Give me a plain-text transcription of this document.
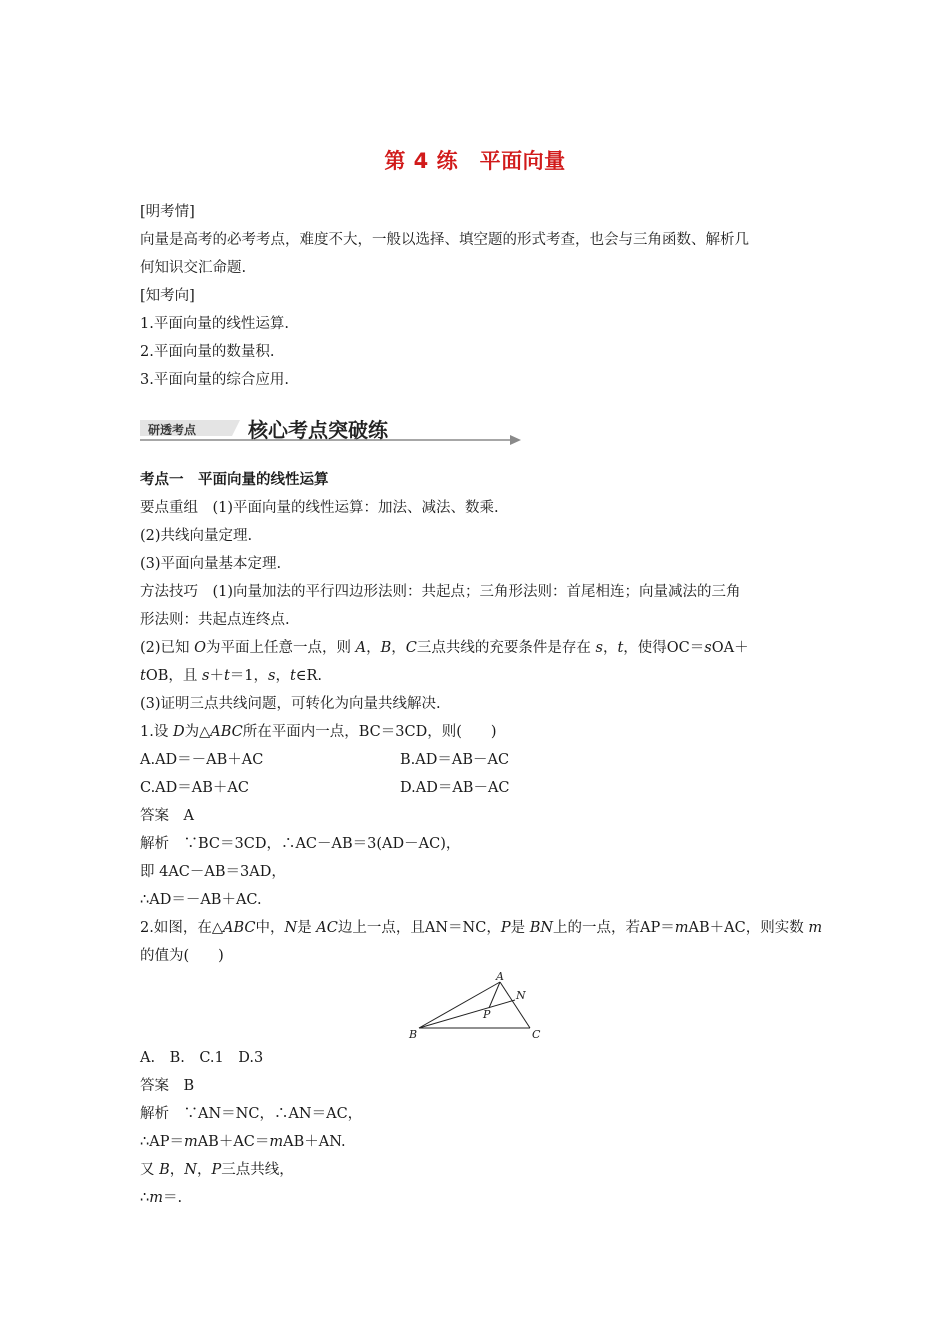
第 4 练　平面向量
[明考情]
向量是高考的必考考点，难度不大，一般以选择、填空题的形式考查，也会与三角函数、解析几
何知识交汇命题.
[知考向]
1.平面向量的线性运算.
2.平面向量的数量积.
3.平面向量的综合应用.
研透考点	核心考点突破练
考点一　平面向量的线性运算
要点重组　(1)平面向量的线性运算：加法、减法、数乘.
(2)共线向量定理.
(3)平面向量基本定理.
方法技巧　(1)向量加法的平行四边形法则：共起点；三角形法则：首尾相连；向量减法的三角
形法则：共起点连终点.
(2)已知 O为平面上任意一点，则 A，B，C三点共线的充要条件是存在 s，t，使得OC＝sOA＋
tOB，且 s＋t＝1，s，t∈R.
(3)证明三点共线问题，可转化为向量共线解决.
1.设 D为△ABC所在平面内一点，BC＝3CD，则(　　)
A.AD＝－AB＋AC	B.AD＝AB－AC
C.AD＝AB＋AC	D.AD＝AB－AC
答案　A
解析　∵BC＝3CD，∴AC－AB＝3(AD－AC)，
即 4AC－AB＝3AD，
∴AD＝－AB＋AC.
2.如图，在△ABC中，N是 AC边上一点，且AN＝NC，P是 BN上的一点，若AP＝mAB＋AC，则实数 m
的值为(　　)
A
N
P
B	C
A.　B.　C.1　D.3
答案　B
解析　∵AN＝NC，∴AN＝AC，
∴AP＝mAB＋AC＝mAB＋AN.
又 B，N，P三点共线，
∴m＝.
